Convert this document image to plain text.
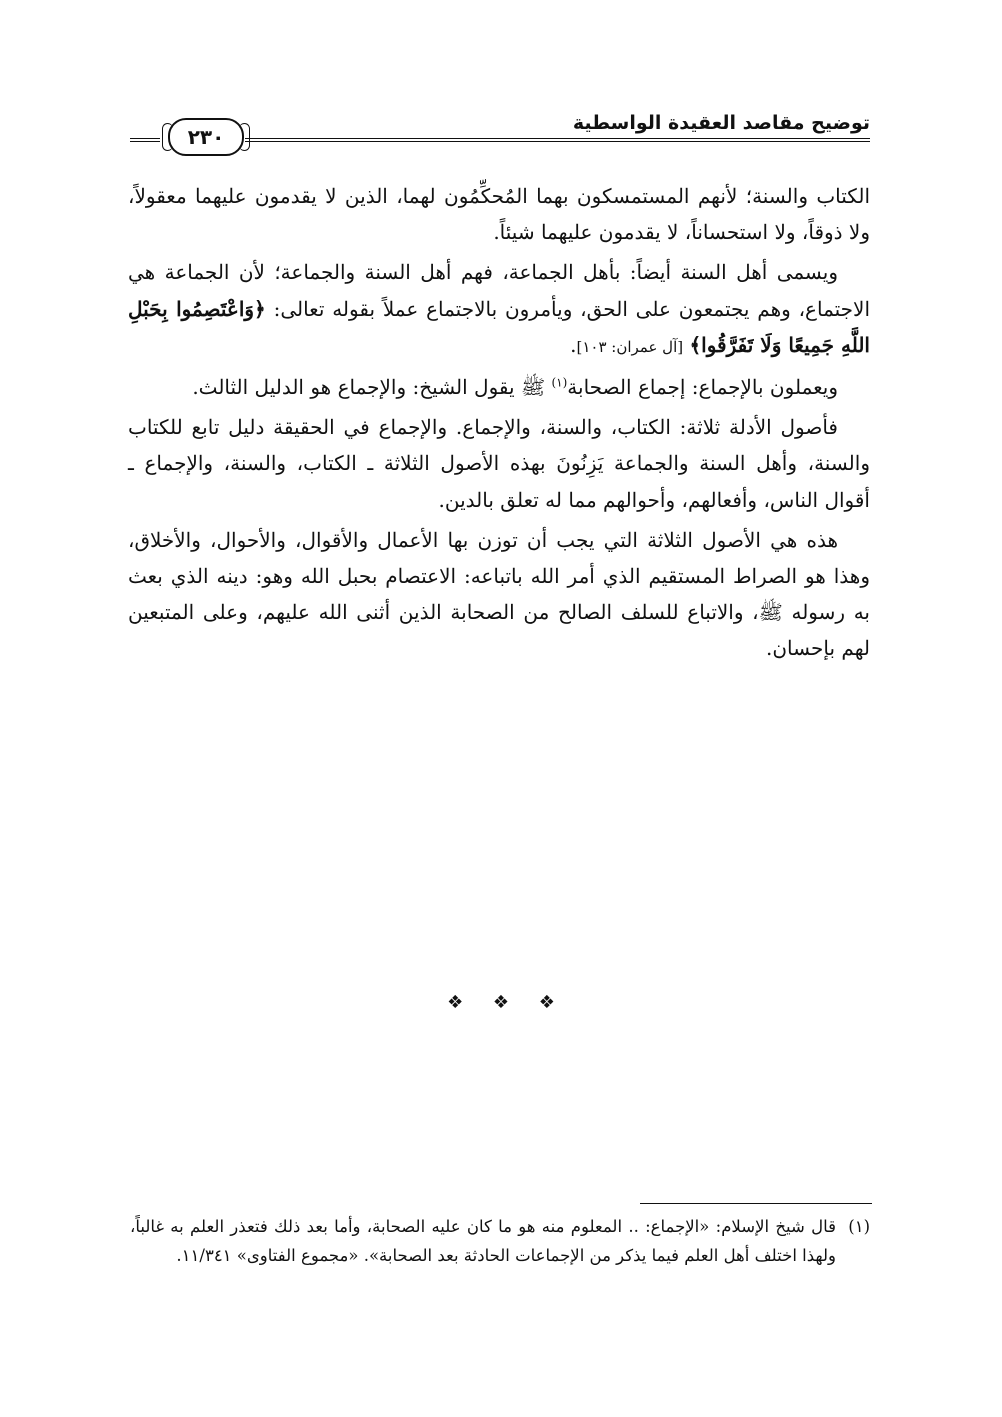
توضيح مقاصد العقيدة الواسطية
٢٣٠

الكتاب والسنة؛ لأنهم المستمسكون بهما المُحكِّمُون لهما، الذين لا يقدمون عليهما معقولاً، ولا ذوقاً، ولا استحساناً، لا يقدمون عليهما شيئاً.

ويسمى أهل السنة أيضاً: بأهل الجماعة، فهم أهل السنة والجماعة؛ لأن الجماعة هي الاجتماع، وهم يجتمعون على الحق، ويأمرون بالاجتماع عملاً بقوله تعالى: ﴿وَاعْتَصِمُوا بِحَبْلِ اللَّهِ جَمِيعًا وَلَا تَفَرَّقُوا﴾ [آل عمران: ١٠٣].

ويعملون بالإجماع: إجماع الصحابة$^{(١)}$ ﷺ يقول الشيخ: والإجماع هو الدليل الثالث.

فأصول الأدلة ثلاثة: الكتاب، والسنة، والإجماع. والإجماع في الحقيقة دليل تابع للكتاب والسنة، وأهل السنة والجماعة يَزِنُونَ بهذه الأصول الثلاثة ـ الكتاب، والسنة، والإجماع ـ أقوال الناس، وأفعالهم، وأحوالهم مما له تعلق بالدين.

هذه هي الأصول الثلاثة التي يجب أن توزن بها الأعمال والأقوال، والأحوال، والأخلاق، وهذا هو الصراط المستقيم الذي أمر الله باتباعه: الاعتصام بحبل الله وهو: دينه الذي بعث به رسوله ﷺ، والاتباع للسلف الصالح من الصحابة الذين أثنى الله عليهم، وعلى المتبعين لهم بإحسان.

❖ ❖ ❖
(١)
قال شيخ الإسلام: «الإجماع: .. المعلوم منه هو ما كان عليه الصحابة، وأما بعد ذلك فتعذر العلم به غالباً، ولهذا اختلف أهل العلم فيما يذكر من الإجماعات الحادثة بعد الصحابة». «مجموع الفتاوى» ١١/٣٤١.
